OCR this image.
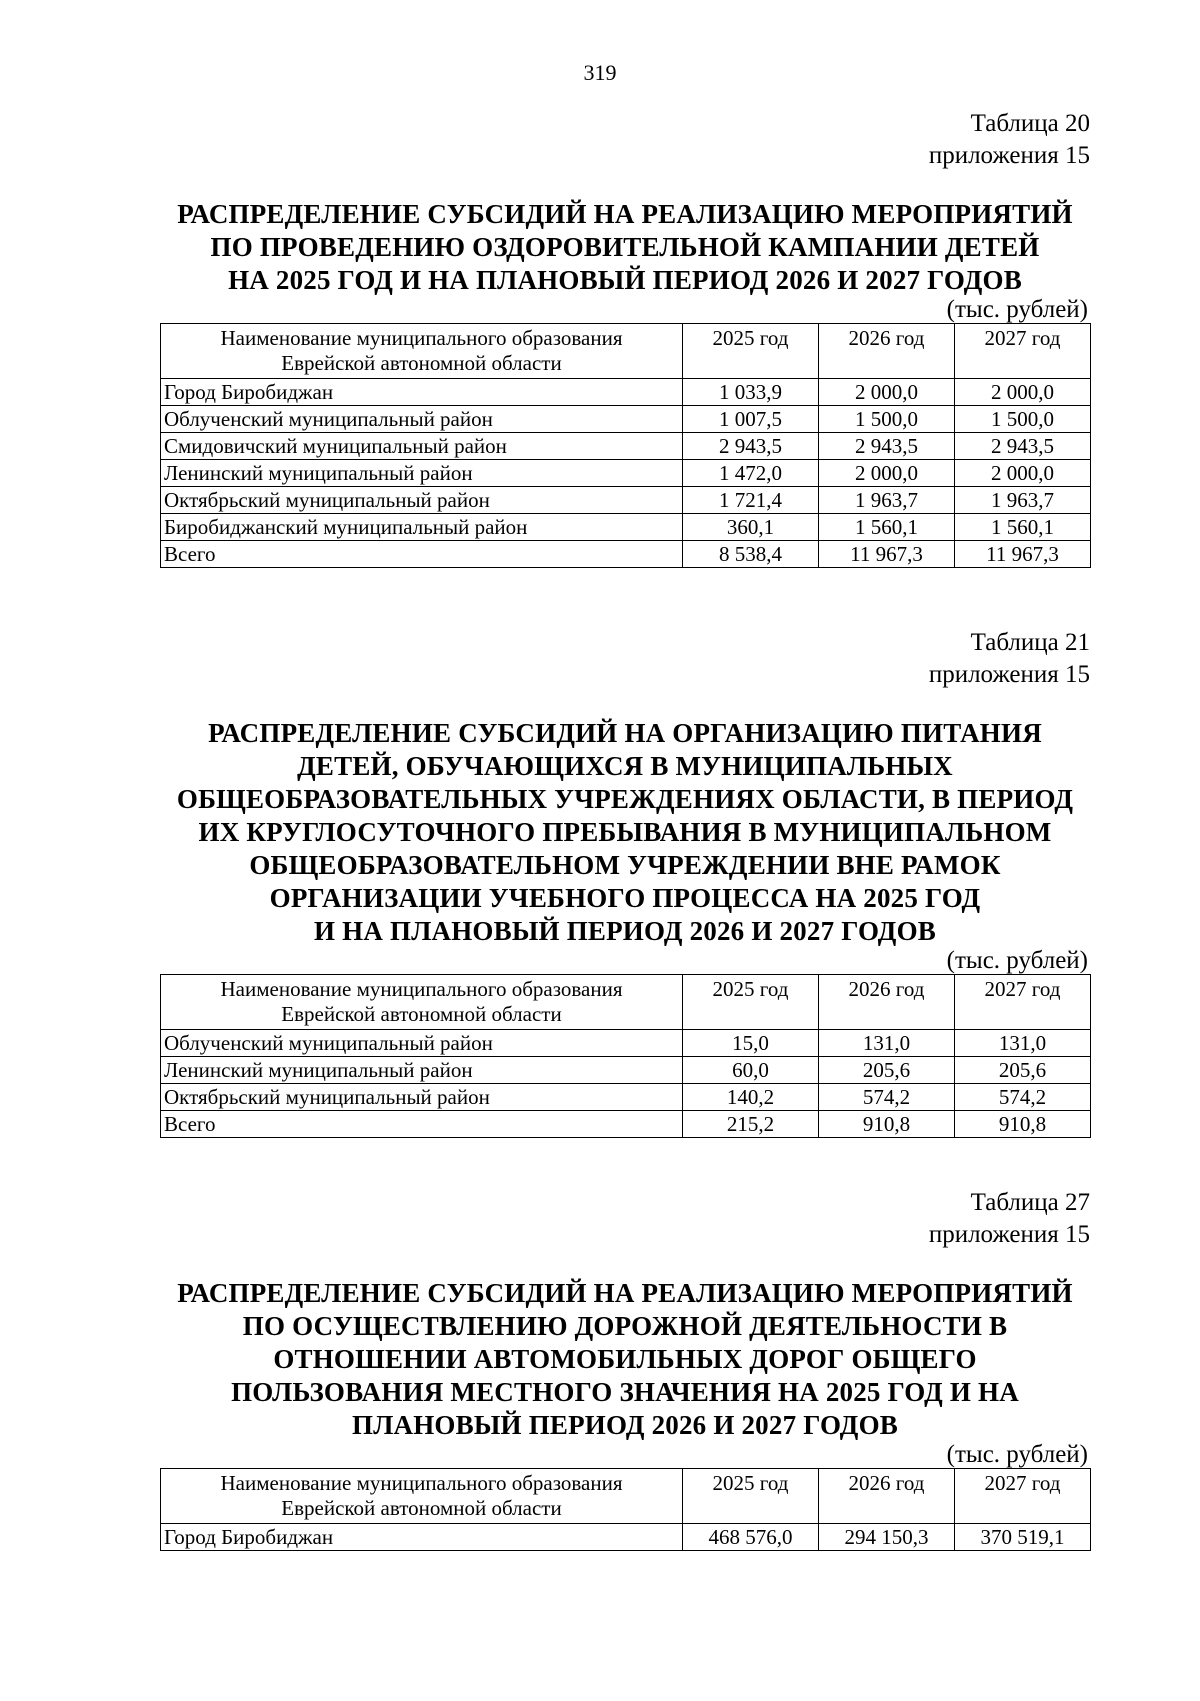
319
Таблица 20
приложения 15
РАСПРЕДЕЛЕНИЕ СУБСИДИЙ НА РЕАЛИЗАЦИЮ МЕРОПРИЯТИЙ
ПО ПРОВЕДЕНИЮ ОЗДОРОВИТЕЛЬНОЙ КАМПАНИИ ДЕТЕЙ
НА 2025 ГОД И НА ПЛАНОВЫЙ ПЕРИОД 2026 И 2027 ГОДОВ
(тыс. рублей)
Наименование муниципального образования
Еврейской автономной области	2025 год	2026 год	2027 год
Город Биробиджан	1 033,9	2 000,0	2 000,0
Облученский муниципальный район	1 007,5	1 500,0	1 500,0
Смидовичский муниципальный район	2 943,5	2 943,5	2 943,5
Ленинский муниципальный район	1 472,0	2 000,0	2 000,0
Октябрьский муниципальный район	1 721,4	1 963,7	1 963,7
Биробиджанский муниципальный район	360,1	1 560,1	1 560,1
Всего	8 538,4	11 967,3	11 967,3
Таблица 21
приложения 15
РАСПРЕДЕЛЕНИЕ СУБСИДИЙ НА ОРГАНИЗАЦИЮ ПИТАНИЯ
ДЕТЕЙ, ОБУЧАЮЩИХСЯ В МУНИЦИПАЛЬНЫХ
ОБЩЕОБРАЗОВАТЕЛЬНЫХ УЧРЕЖДЕНИЯХ ОБЛАСТИ, В ПЕРИОД
ИХ КРУГЛОСУТОЧНОГО ПРЕБЫВАНИЯ В МУНИЦИПАЛЬНОМ
ОБЩЕОБРАЗОВАТЕЛЬНОМ УЧРЕЖДЕНИИ ВНЕ РАМОК
ОРГАНИЗАЦИИ УЧЕБНОГО ПРОЦЕССА НА 2025 ГОД
И НА ПЛАНОВЫЙ ПЕРИОД 2026 И 2027 ГОДОВ
(тыс. рублей)
Наименование муниципального образования
Еврейской автономной области	2025 год	2026 год	2027 год
Облученский муниципальный район	15,0	131,0	131,0
Ленинский муниципальный район	60,0	205,6	205,6
Октябрьский муниципальный район	140,2	574,2	574,2
Всего	215,2	910,8	910,8
Таблица 27
приложения 15
РАСПРЕДЕЛЕНИЕ СУБСИДИЙ НА РЕАЛИЗАЦИЮ МЕРОПРИЯТИЙ
ПО ОСУЩЕСТВЛЕНИЮ ДОРОЖНОЙ ДЕЯТЕЛЬНОСТИ В
ОТНОШЕНИИ АВТОМОБИЛЬНЫХ ДОРОГ ОБЩЕГО
ПОЛЬЗОВАНИЯ МЕСТНОГО ЗНАЧЕНИЯ НА 2025 ГОД И НА
ПЛАНОВЫЙ ПЕРИОД 2026 И 2027 ГОДОВ
(тыс. рублей)
Наименование муниципального образования
Еврейской автономной области	2025 год	2026 год	2027 год
Город Биробиджан	468 576,0	294 150,3	370 519,1
